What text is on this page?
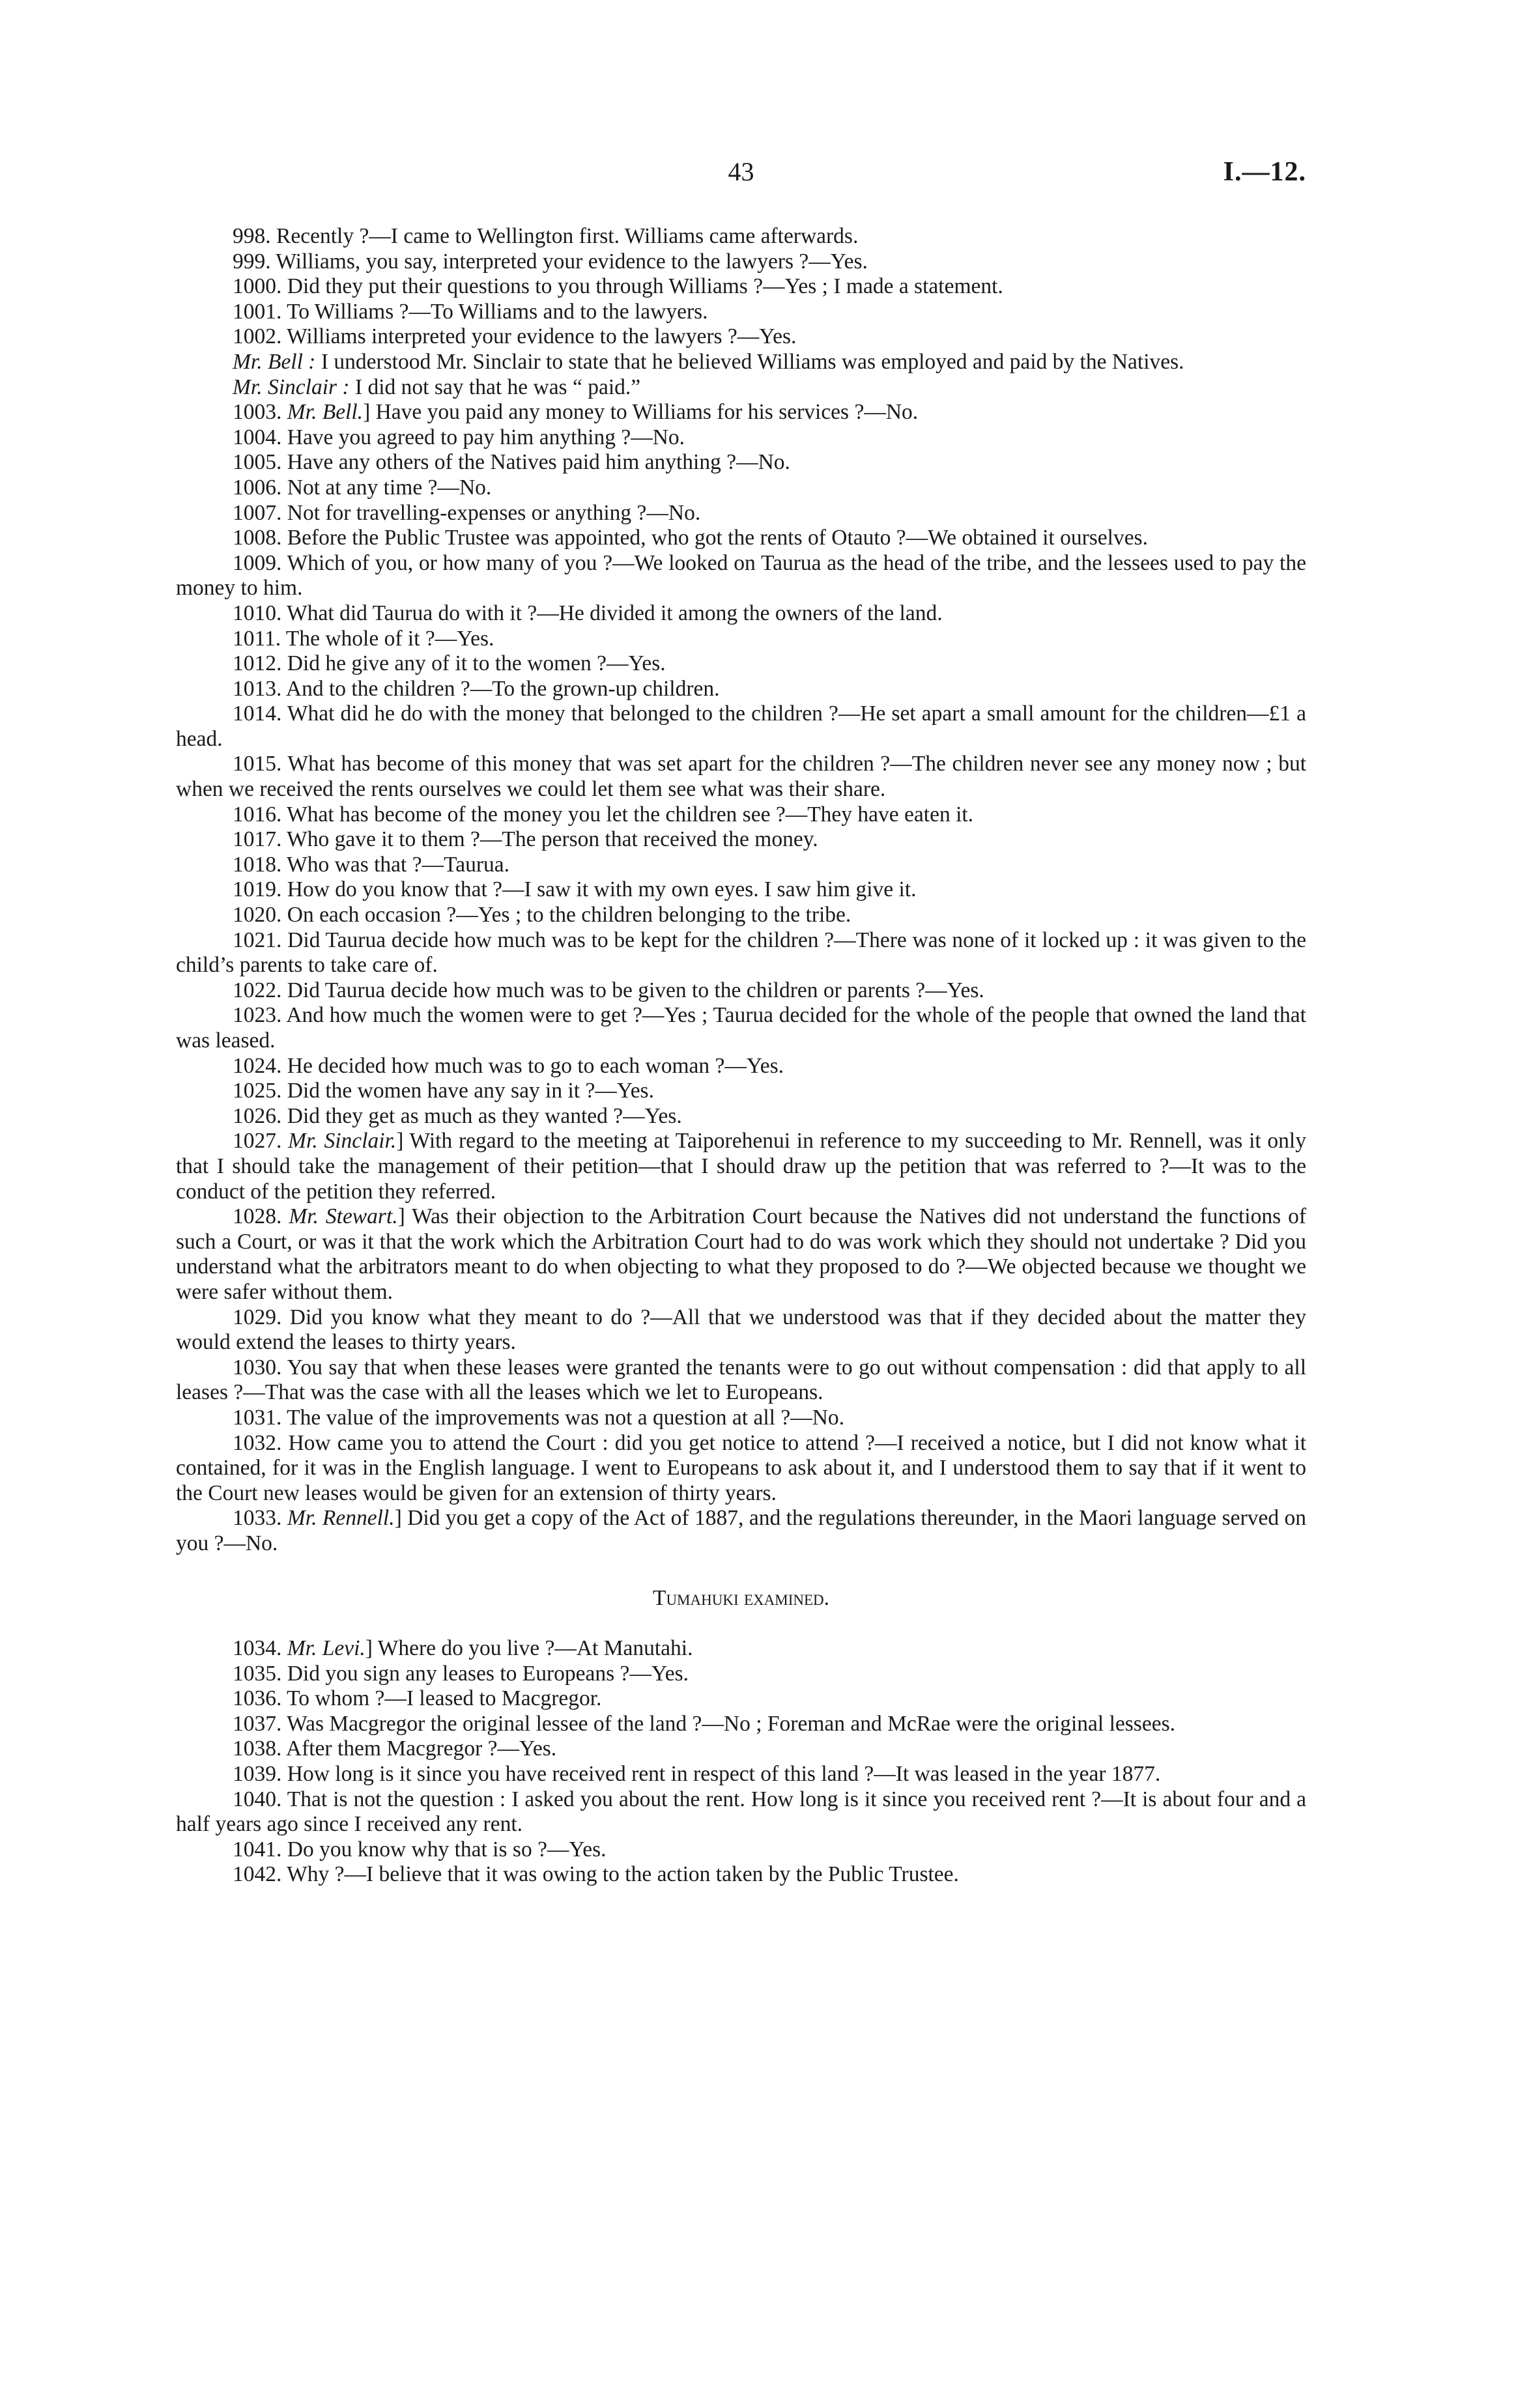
43	I.—12.

998. Recently ?—I came to Wellington first. Williams came afterwards.

999. Williams, you say, interpreted your evidence to the lawyers ?—Yes.

1000. Did they put their questions to you through Williams ?—Yes ; I made a statement.

1001. To Williams ?—To Williams and to the lawyers.

1002. Williams interpreted your evidence to the lawyers ?—Yes.

Mr. Bell : I understood Mr. Sinclair to state that he believed Williams was employed and paid by the Natives.

Mr. Sinclair : I did not say that he was “ paid.”

1003. Mr. Bell.] Have you paid any money to Williams for his services ?—No.

1004. Have you agreed to pay him anything ?—No.

1005. Have any others of the Natives paid him anything ?—No.

1006. Not at any time ?—No.

1007. Not for travelling-expenses or anything ?—No.

1008. Before the Public Trustee was appointed, who got the rents of Otauto ?—We obtained it ourselves.

1009. Which of you, or how many of you ?—We looked on Taurua as the head of the tribe, and the lessees used to pay the money to him.

1010. What did Taurua do with it ?—He divided it among the owners of the land.

1011. The whole of it ?—Yes.

1012. Did he give any of it to the women ?—Yes.

1013. And to the children ?—To the grown-up children.

1014. What did he do with the money that belonged to the children ?—He set apart a small amount for the children—£1 a head.

1015. What has become of this money that was set apart for the children ?—The children never see any money now ; but when we received the rents ourselves we could let them see what was their share.

1016. What has become of the money you let the children see ?—They have eaten it.

1017. Who gave it to them ?—The person that received the money.

1018. Who was that ?—Taurua.

1019. How do you know that ?—I saw it with my own eyes. I saw him give it.

1020. On each occasion ?—Yes ; to the children belonging to the tribe.

1021. Did Taurua decide how much was to be kept for the children ?—There was none of it locked up : it was given to the child’s parents to take care of.

1022. Did Taurua decide how much was to be given to the children or parents ?—Yes.

1023. And how much the women were to get ?—Yes ; Taurua decided for the whole of the people that owned the land that was leased.

1024. He decided how much was to go to each woman ?—Yes.

1025. Did the women have any say in it ?—Yes.

1026. Did they get as much as they wanted ?—Yes.

1027. Mr. Sinclair.] With regard to the meeting at Taiporehenui in reference to my succeeding to Mr. Rennell, was it only that I should take the management of their petition—that I should draw up the petition that was referred to ?—It was to the conduct of the petition they referred.

1028. Mr. Stewart.] Was their objection to the Arbitration Court because the Natives did not understand the functions of such a Court, or was it that the work which the Arbitration Court had to do was work which they should not undertake ? Did you understand what the arbitrators meant to do when objecting to what they proposed to do ?—We objected because we thought we were safer without them.

1029. Did you know what they meant to do ?—All that we understood was that if they decided about the matter they would extend the leases to thirty years.

1030. You say that when these leases were granted the tenants were to go out without compensation : did that apply to all leases ?—That was the case with all the leases which we let to Europeans.

1031. The value of the improvements was not a question at all ?—No.

1032. How came you to attend the Court : did you get notice to attend ?—I received a notice, but I did not know what it contained, for it was in the English language. I went to Europeans to ask about it, and I understood them to say that if it went to the Court new leases would be given for an extension of thirty years.

1033. Mr. Rennell.] Did you get a copy of the Act of 1887, and the regulations thereunder, in the Maori language served on you ?—No.

Tumahuki examined.

1034. Mr. Levi.] Where do you live ?—At Manutahi.

1035. Did you sign any leases to Europeans ?—Yes.

1036. To whom ?—I leased to Macgregor.

1037. Was Macgregor the original lessee of the land ?—No ; Foreman and McRae were the original lessees.

1038. After them Macgregor ?—Yes.

1039. How long is it since you have received rent in respect of this land ?—It was leased in the year 1877.

1040. That is not the question : I asked you about the rent. How long is it since you received rent ?—It is about four and a half years ago since I received any rent.

1041. Do you know why that is so ?—Yes.

1042. Why ?—I believe that it was owing to the action taken by the Public Trustee.
